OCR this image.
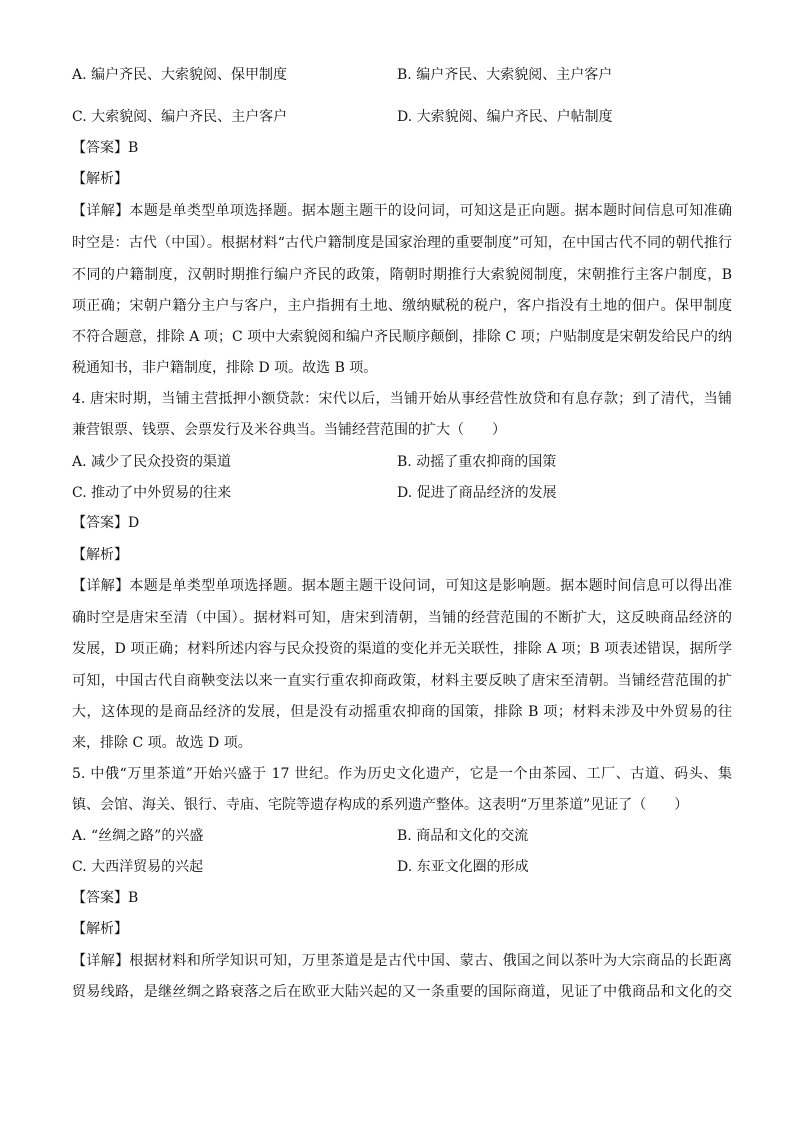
A. 编户齐民、大索貌阅、保甲制度	B. 编户齐民、大索貌阅、主户客户
C. 大索貌阅、编户齐民、主户客户	D. 大索貌阅、编户齐民、户帖制度
【答案】B
【解析】
【详解】本题是单类型单项选择题。据本题主题干的设问词，可知这是正向题。据本题时间信息可知准确
时空是：古代（中国）。根据材料“古代户籍制度是国家治理的重要制度”可知，在中国古代不同的朝代推行
不同的户籍制度，汉朝时期推行编户齐民的政策，隋朝时期推行大索貌阅制度，宋朝推行主客户制度，B
项正确；宋朝户籍分主户与客户，主户指拥有土地、缴纳赋税的税户，客户指没有土地的佃户。保甲制度
不符合题意，排除 A 项；C 项中大索貌阅和编户齐民顺序颠倒，排除 C 项；户贴制度是宋朝发给民户的纳
税通知书，非户籍制度，排除 D 项。故选 B 项。
4. 唐宋时期，当铺主营抵押小额贷款：宋代以后，当铺开始从事经营性放贷和有息存款；到了清代，当铺
兼营银票、钱票、会票发行及米谷典当。当铺经营范围的扩大（　　）
A. 减少了民众投资的渠道	B. 动摇了重农抑商的国策
C. 推动了中外贸易的往来	D. 促进了商品经济的发展
【答案】D
【解析】
【详解】本题是单类型单项选择题。据本题主题干设问词，可知这是影响题。据本题时间信息可以得出准
确时空是唐宋至清（中国）。据材料可知，唐宋到清朝，当铺的经营范围的不断扩大，这反映商品经济的
发展，D 项正确；材料所述内容与民众投资的渠道的变化并无关联性，排除 A 项；B 项表述错误，据所学
可知，中国古代自商鞅变法以来一直实行重农抑商政策，材料主要反映了唐宋至清朝。当铺经营范围的扩
大，这体现的是商品经济的发展，但是没有动摇重农抑商的国策，排除 B 项；材料未涉及中外贸易的往
来，排除 C 项。故选 D 项。
5. 中俄“万里茶道”开始兴盛于 17 世纪。作为历史文化遗产，它是一个由茶园、工厂、古道、码头、集
镇、会馆、海关、银行、寺庙、宅院等遗存构成的系列遗产整体。这表明“万里茶道”见证了（　　）
A. “丝绸之路”的兴盛	B. 商品和文化的交流
C. 大西洋贸易的兴起	D. 东亚文化圈的形成
【答案】B
【解析】
【详解】根据材料和所学知识可知，万里茶道是是古代中国、蒙古、俄国之间以茶叶为大宗商品的长距离
贸易线路，是继丝绸之路衰落之后在欧亚大陆兴起的又一条重要的国际商道，见证了中俄商品和文化的交
